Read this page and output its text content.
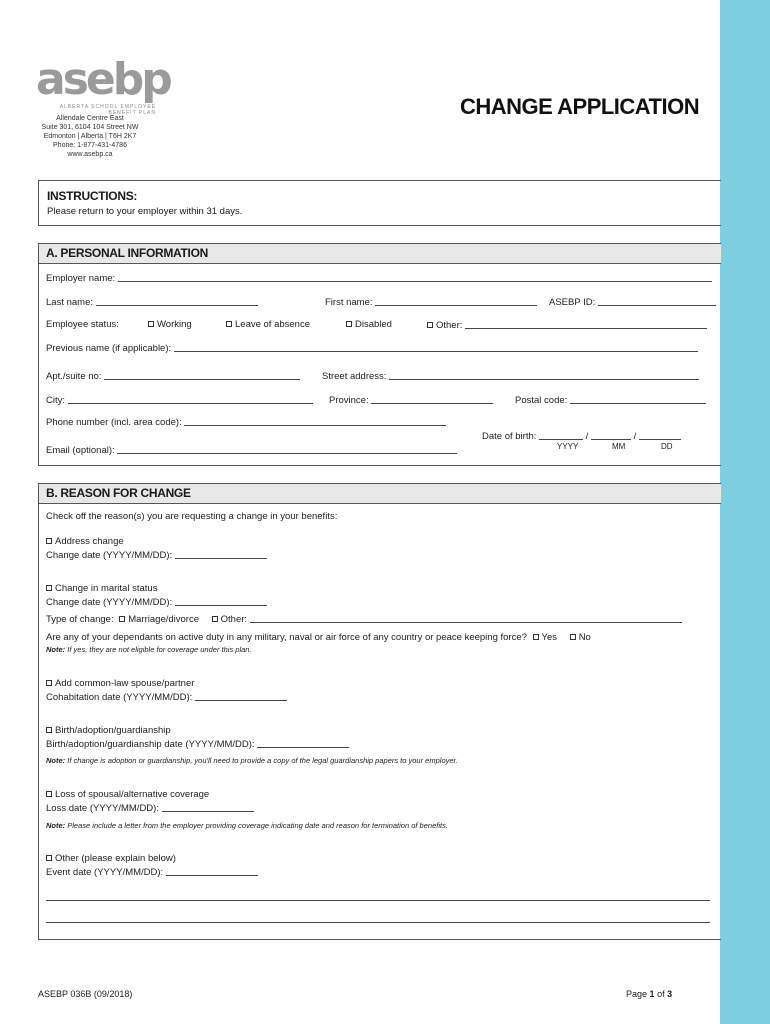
asebp
ALBERTA SCHOOL EMPLOYEE BENEFIT PLAN
Allendale Centre East
Suite 301, 6104 104 Street NW
Edmonton | Alberta | T6H 2K7
Phone: 1-877-431-4786
www.asebp.ca
CHANGE APPLICATION
INSTRUCTIONS:
Please return to your employer within 31 days.
A. PERSONAL INFORMATION
Employer name:
Last name:	First name:	ASEBP ID:
Employee status:	Working	Leave of absence	Disabled	Other:
Previous name (if applicable):
Apt./suite no:	Street address:
City:	Province:	Postal code:
Phone number (incl. area code):
Date of birth:	/	/
YYYY	MM	DD
Email (optional):
B. REASON FOR CHANGE
Check off the reason(s) you are requesting a change in your benefits:
Address change
Change date (YYYY/MM/DD):
Change in marital status
Change date (YYYY/MM/DD):
Type of change: Marriage/divorce Other:
Are any of your dependants on active duty in any military, naval or air force of any country or peace keeping force? Yes No
Note: If yes, they are not eligible for coverage under this plan.
Add common-law spouse/partner
Cohabitation date (YYYY/MM/DD):
Birth/adoption/guardianship
Birth/adoption/guardianship date (YYYY/MM/DD):
Note: If change is adoption or guardianship, you'll need to provide a copy of the legal guardianship papers to your employer.
Loss of spousal/alternative coverage
Loss date (YYYY/MM/DD):
Note: Please include a letter from the employer providing coverage indicating date and reason for termination of benefits.
Other (please explain below)
Event date (YYYY/MM/DD):
ASEBP 036B (09/2018)	Page 1 of 3
